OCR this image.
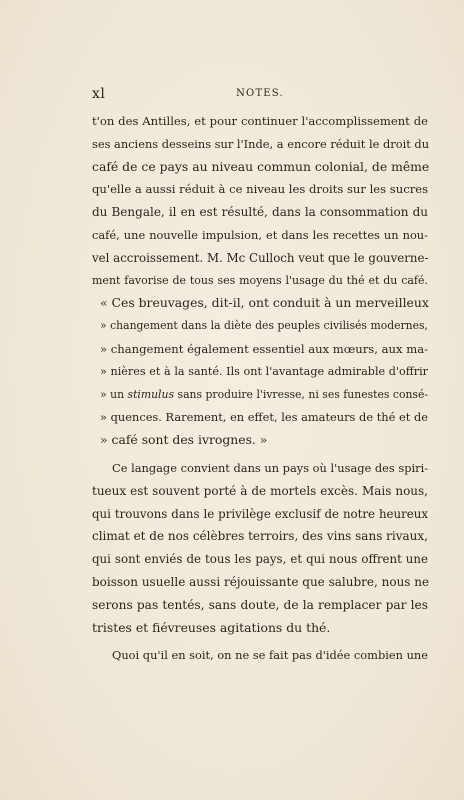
xl	NOTES.
t'on des Antilles, et pour continuer l'accomplissement de
ses anciens desseins sur l'Inde, a encore réduit le droit du
café de ce pays au niveau commun colonial, de même
qu'elle a aussi réduit à ce niveau les droits sur les sucres
du Bengale, il en est résulté, dans la consommation du
café, une nouvelle impulsion, et dans les recettes un nou-
vel accroissement. M. Mc Culloch veut que le gouverne-
ment favorise de tous ses moyens l'usage du thé et du café.
« Ces breuvages, dit-il, ont conduit à un merveilleux
» changement dans la diète des peuples civilisés modernes,
» changement également essentiel aux mœurs, aux ma-
» nières et à la santé. Ils ont l'avantage admirable d'offrir
» un stimulus sans produire l'ivresse, ni ses funestes consé-
» quences. Rarement, en effet, les amateurs de thé et de
» café sont des ivrognes. »
Ce langage convient dans un pays où l'usage des spiri-
tueux est souvent porté à de mortels excès. Mais nous,
qui trouvons dans le privilège exclusif de notre heureux
climat et de nos célèbres terroirs, des vins sans rivaux,
qui sont enviés de tous les pays, et qui nous offrent une
boisson usuelle aussi réjouissante que salubre, nous ne
serons pas tentés, sans doute, de la remplacer par les
tristes et fiévreuses agitations du thé.
Quoi qu'il en soit, on ne se fait pas d'idée combien une
